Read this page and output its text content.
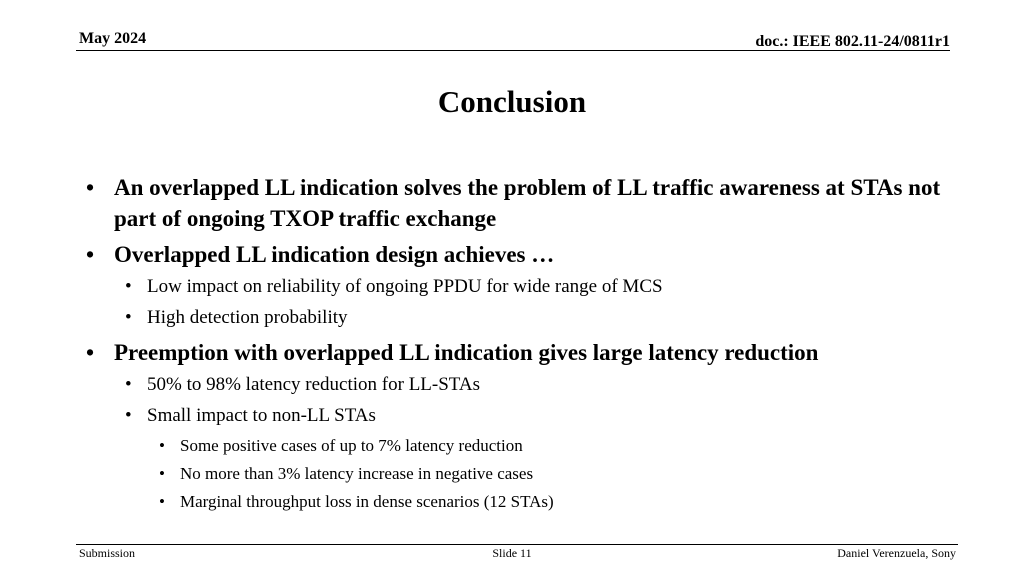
May 2024	doc.: IEEE 802.11-24/0811r1
Conclusion
• An overlapped LL indication solves the problem of LL traffic awareness at STAs not part of ongoing TXOP traffic exchange
• Overlapped LL indication design achieves …
• Low impact on reliability of ongoing PPDU for wide range of MCS
• High detection probability
• Preemption with overlapped LL indication gives large latency reduction
• 50% to 98% latency reduction for LL-STAs
• Small impact to non-LL STAs
• Some positive cases of up to 7% latency reduction
• No more than 3% latency increase in negative cases
• Marginal throughput loss in dense scenarios (12 STAs)
Submission	Slide 11	Daniel Verenzuela, Sony
